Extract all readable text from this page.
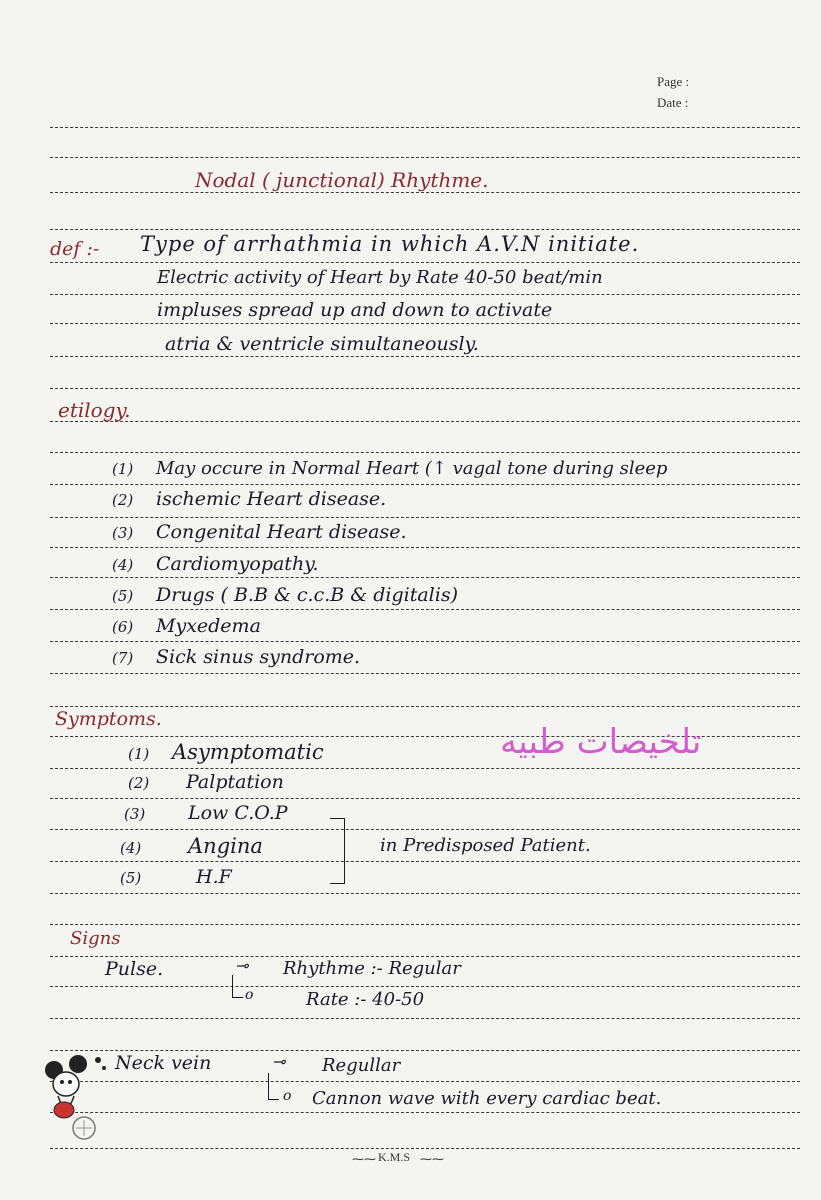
Page :
Date :
Nodal ( junctional) Rhythme.
def :- Type of arrhathmia in which A.V.N initiate.
Electric activity of Heart by Rate 40-50 beat/min
impluses spread up and down to activate
atria & ventricle simultaneously.
etilogy.
(1) May occure in Normal Heart (↑ vagal tone during sleep
(2) ischemic Heart disease.
(3) Congenital Heart disease.
(4) Cardiomyopathy.
(5) Drugs ( B.B & c.c.B & digitalis)
(6) Myxedema
(7) Sick sinus syndrome.
Symptoms.
تلخيصات طبيه
(1) Asymptomatic
(2) Palptation
(3) Low C.O.P
(4) Angina
(5)	H.F
in Predisposed Patient.
Signs
Pulse.	⊸ Rhythme :- Regular
o	Rate :- 40-50
Neck vein	⊸ Regullar
o Cannon wave with every cardiac beat.
⁓⁓ K.M.S ⁓⁓
